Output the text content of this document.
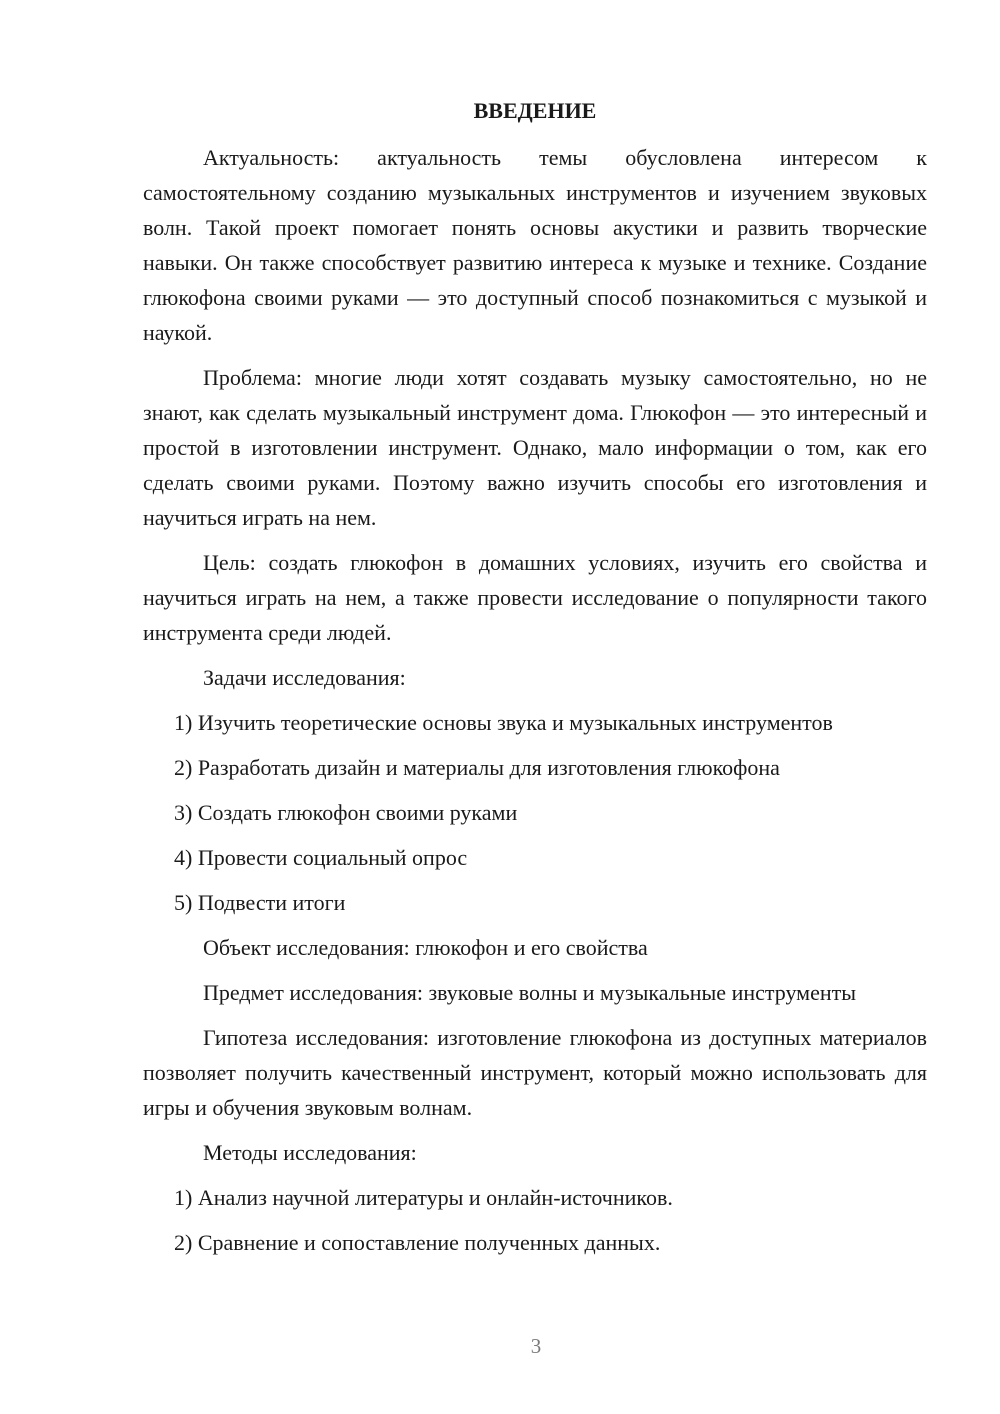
ВВЕДЕНИЕ

Актуальность: актуальность темы обусловлена интересом к самостоятельному созданию музыкальных инструментов и изучением звуковых волн. Такой проект помогает понять основы акустики и развить творческие навыки. Он также способствует развитию интереса к музыке и технике. Создание глюкофона своими руками — это доступный способ познакомиться с музыкой и наукой.

Проблема: многие люди хотят создавать музыку самостоятельно, но не знают, как сделать музыкальный инструмент дома. Глюкофон — это интересный и простой в изготовлении инструмент. Однако, мало информации о том, как его сделать своими руками. Поэтому важно изучить способы его изготовления и научиться играть на нем.

Цель: создать глюкофон в домашних условиях, изучить его свойства и научиться играть на нем, а также провести исследование о популярности такого инструмента среди людей.

Задачи исследования:

1) Изучить теоретические основы звука и музыкальных инструментов

2) Разработать дизайн и материалы для изготовления глюкофона

3) Создать глюкофон своими руками

4) Провести социальный опрос

5) Подвести итоги

Объект исследования: глюкофон и его свойства

Предмет исследования: звуковые волны и музыкальные инструменты

Гипотеза исследования: изготовление глюкофона из доступных материалов позволяет получить качественный инструмент, который можно использовать для игры и обучения звуковым волнам.

Методы исследования:

1) Анализ научной литературы и онлайн-источников.

2) Сравнение и сопоставление полученных данных.

3
